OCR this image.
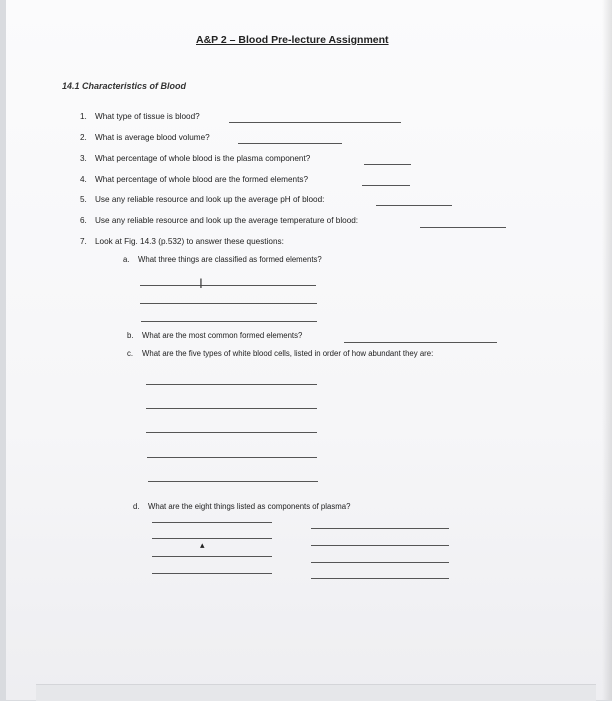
A&P 2 – Blood Pre-lecture Assignment
14.1 Characteristics of Blood
1. What type of tissue is blood?
2. What is average blood volume?
3. What percentage of whole blood is the plasma component?
4. What percentage of whole blood are the formed elements?
5. Use any reliable resource and look up the average pH of blood:
6. Use any reliable resource and look up the average temperature of blood:
7. Look at Fig. 14.3 (p.532) to answer these questions:
a. What three things are classified as formed elements?
I
b. What are the most common formed elements?
c. What are the five types of white blood cells, listed in order of how abundant they are:
d. What are the eight things listed as components of plasma?
▴
